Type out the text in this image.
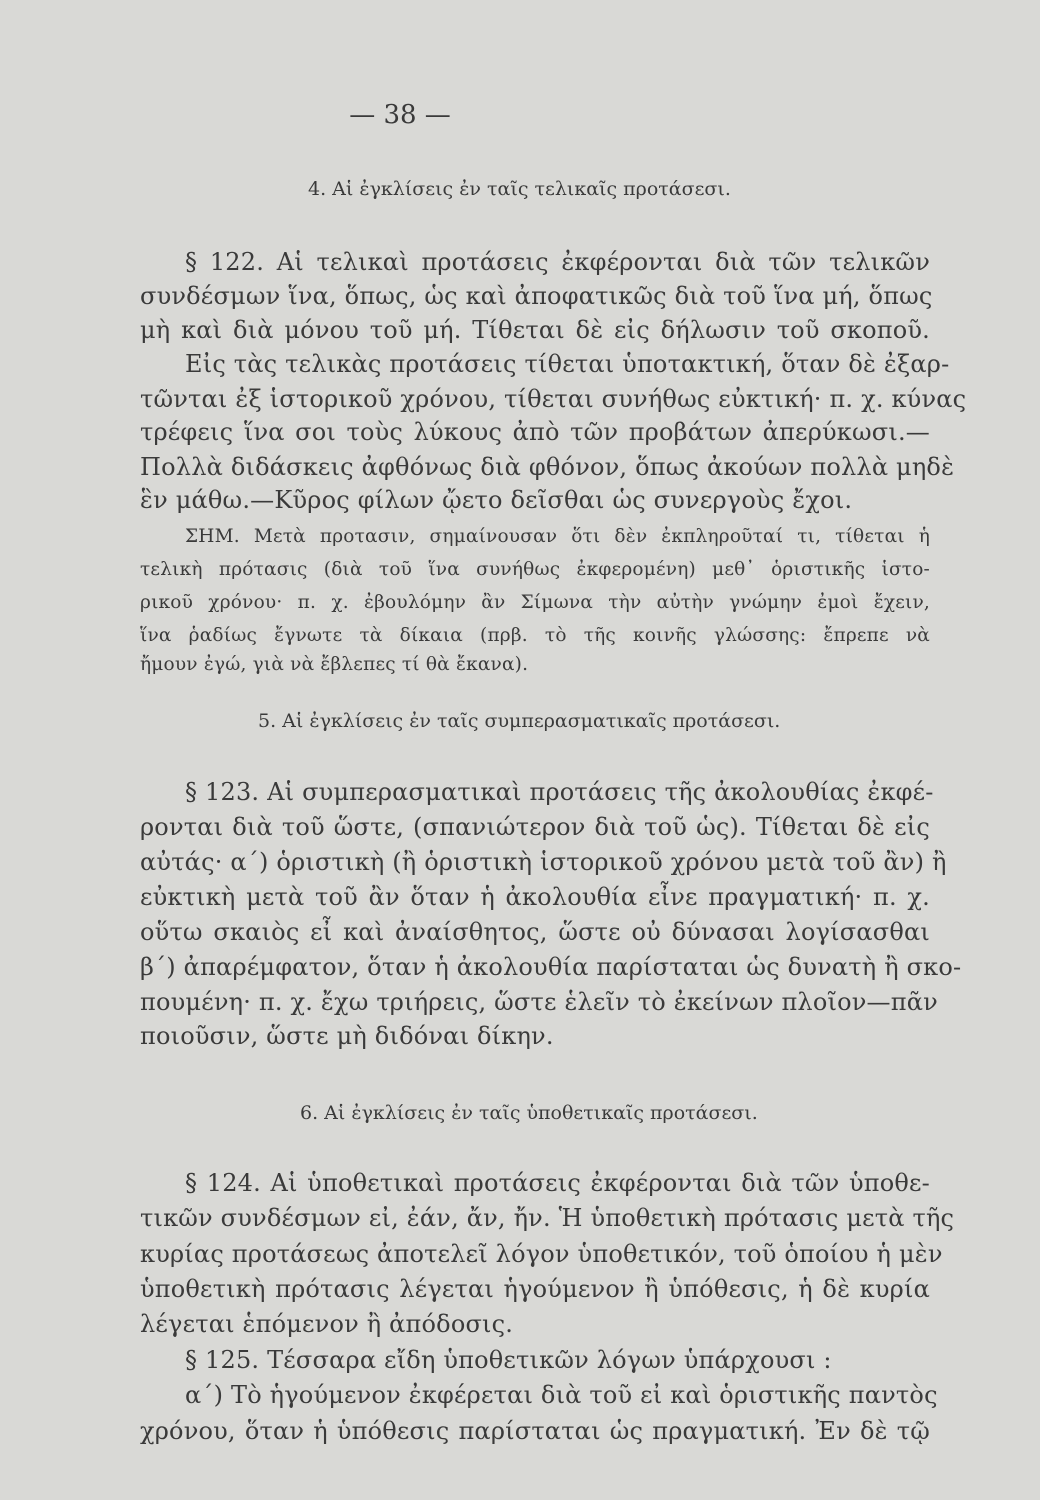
— 38 —
4. Αἱ ἐγκλίσεις ἐν ταῖς τελικαῖς προτάσεσι.
§ 122. Αἱ τελικαὶ προτάσεις ἐκφέρονται διὰ τῶν τελικῶν
συνδέσμων ἵνα, ὅπως, ὡς καὶ ἀποφατικῶς διὰ τοῦ ἵνα μή, ὅπως
μὴ καὶ διὰ μόνου τοῦ μή. Τίθεται δὲ εἰς δήλωσιν τοῦ σκοποῦ.
Εἰς τὰς τελικὰς προτάσεις τίθεται ὑποτακτική, ὅταν δὲ ἐξαρ-
τῶνται ἐξ ἱστορικοῦ χρόνου, τίθεται συνήθως εὐκτική· π. χ. κύνας
τρέφεις ἵνα σοι τοὺς λύκους ἀπὸ τῶν προβάτων ἀπερύκωσι.—
Πολλὰ διδάσκεις ἀφθόνως διὰ φθόνον, ὅπως ἀκούων πολλὰ μηδὲ
ἓν μάθω.—Κῦρος φίλων ᾤετο δεῖσθαι ὡς συνεργοὺς ἔχοι.
ΣΗΜ. Μετὰ προτασιν, σημαίνουσαν ὅτι δὲν ἐκπληροῦταί τι, τίθεται ἡ
τελικὴ πρότασις (διὰ τοῦ ἵνα συνήθως ἐκφερομένη) μεθ᾽ ὁριστικῆς ἱστο-
ρικοῦ χρόνου· π. χ. ἐβουλόμην ἂν Σίμωνα τὴν αὐτὴν γνώμην ἐμοὶ ἔχειν,
ἵνα ῥαδίως ἔγνωτε τὰ δίκαια (πρβ. τὸ τῆς κοινῆς γλώσσης: ἔπρεπε νὰ
ἤμουν ἐγώ, γιὰ νὰ ἔβλεπες τί θὰ ἔκανα).
§ 123. Αἱ συμπερασματικαὶ προτάσεις τῆς ἀκολουθίας ἐκφέ-
ρονται διὰ τοῦ ὥστε, (σπανιώτερον διὰ τοῦ ὡς). Τίθεται δὲ εἰς
αὐτάς· α΄) ὁριστικὴ (ἢ ὁριστικὴ ἱστορικοῦ χρόνου μετὰ τοῦ ἂν) ἢ
εὐκτικὴ μετὰ τοῦ ἂν ὅταν ἡ ἀκολουθία εἶνε πραγματική· π. χ.
οὕτω σκαιὸς εἶ καὶ ἀναίσθητος, ὥστε οὐ δύνασαι λογίσασθαι
β΄) ἀπαρέμφατον, ὅταν ἡ ἀκολουθία παρίσταται ὡς δυνατὴ ἢ σκο-
πουμένη· π. χ. ἔχω τριήρεις, ὥστε ἑλεῖν τὸ ἐκείνων πλοῖον—πᾶν
ποιοῦσιν, ὥστε μὴ διδόναι δίκην.
§ 124. Αἱ ὑποθετικαὶ προτάσεις ἐκφέρονται διὰ τῶν ὑποθε-
τικῶν συνδέσμων εἰ, ἐάν, ἄν, ἤν. Ἡ ὑποθετικὴ πρότασις μετὰ τῆς
κυρίας προτάσεως ἀποτελεῖ λόγον ὑποθετικόν, τοῦ ὁποίου ἡ μὲν
ὑποθετικὴ πρότασις λέγεται ἡγούμενον ἢ ὑπόθεσις, ἡ δὲ κυρία
λέγεται ἑπόμενον ἢ ἀπόδοσις.
§ 125. Τέσσαρα εἴδη ὑποθετικῶν λόγων ὑπάρχουσι :
α΄) Τὸ ἡγούμενον ἐκφέρεται διὰ τοῦ εἰ καὶ ὁριστικῆς παντὸς
χρόνου, ὅταν ἡ ὑπόθεσις παρίσταται ὡς πραγματική. Ἐν δὲ τῷ
5. Αἱ ἐγκλίσεις ἐν ταῖς συμπερασματικαῖς προτάσεσι.
6. Αἱ ἐγκλίσεις ἐν ταῖς ὑποθετικαῖς προτάσεσι.
